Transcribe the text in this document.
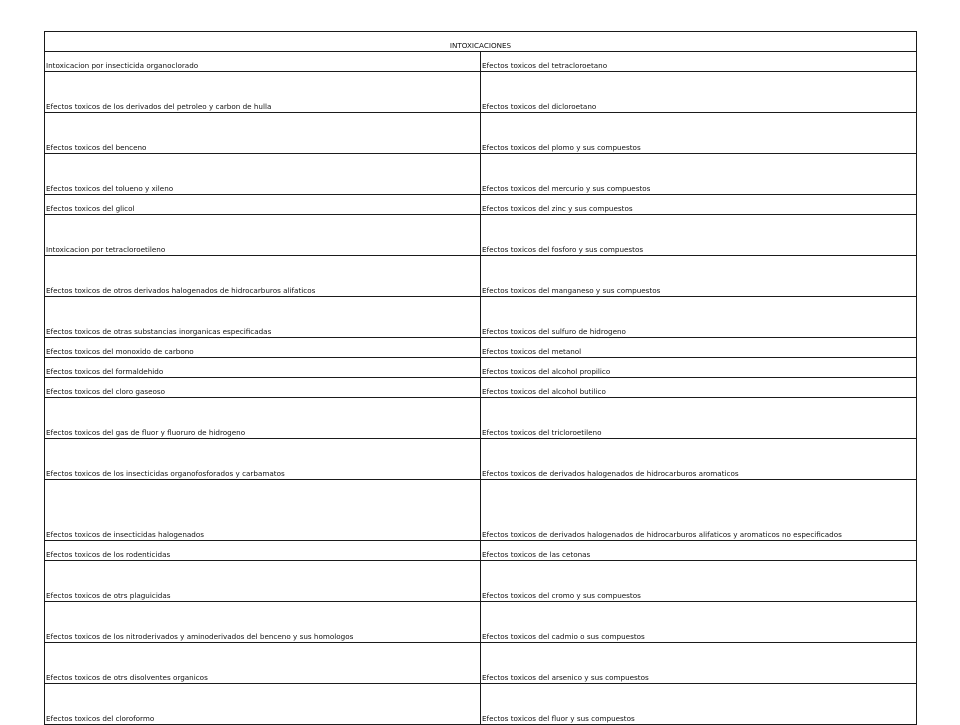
INTOXICACIONES	
Intoxicacion por insecticida organoclorado	Efectos toxicos del tetracloroetano
Efectos toxicos de los derivados del petroleo y carbon de hulla	Efectos toxicos del dicloroetano
Efectos toxicos del benceno	Efectos toxicos del plomo y sus compuestos
Efectos toxicos del tolueno y xileno	Efectos toxicos del mercurio y sus compuestos
Efectos toxicos del glicol	Efectos toxicos del zinc y sus compuestos
Intoxicacion por tetracloroetileno	Efectos toxicos del fosforo y sus compuestos
Efectos toxicos de otros derivados halogenados de hidrocarburos alifaticos	Efectos toxicos del manganeso y sus compuestos
Efectos toxicos de otras substancias inorganicas especificadas	Efectos toxicos del sulfuro de hidrogeno
Efectos toxicos del monoxido de carbono	Efectos toxicos del metanol
Efectos toxicos del formaldehido	Efectos toxicos del alcohol propilico
Efectos toxicos del cloro gaseoso	Efectos toxicos del alcohol butilico
Efectos toxicos del gas de fluor y fluoruro de hidrogeno	Efectos toxicos del tricloroetileno
Efectos toxicos de los insecticidas organofosforados y carbamatos	Efectos toxicos de derivados halogenados de hidrocarburos aromaticos
Efectos toxicos de insecticidas halogenados	Efectos toxicos de derivados halogenados de hidrocarburos alifaticos y aromaticos no especificados
Efectos toxicos de los rodenticidas	Efectos toxicos de las cetonas
Efectos toxicos de otrs plaguicidas	Efectos toxicos del cromo y sus compuestos
Efectos toxicos de los nitroderivados y aminoderivados del benceno y sus homologos	Efectos toxicos del cadmio o sus compuestos
Efectos toxicos de otrs disolventes organicos	Efectos toxicos del arsenico y sus compuestos
Efectos toxicos del cloroformo	Efectos toxicos del fluor y sus compuestos
